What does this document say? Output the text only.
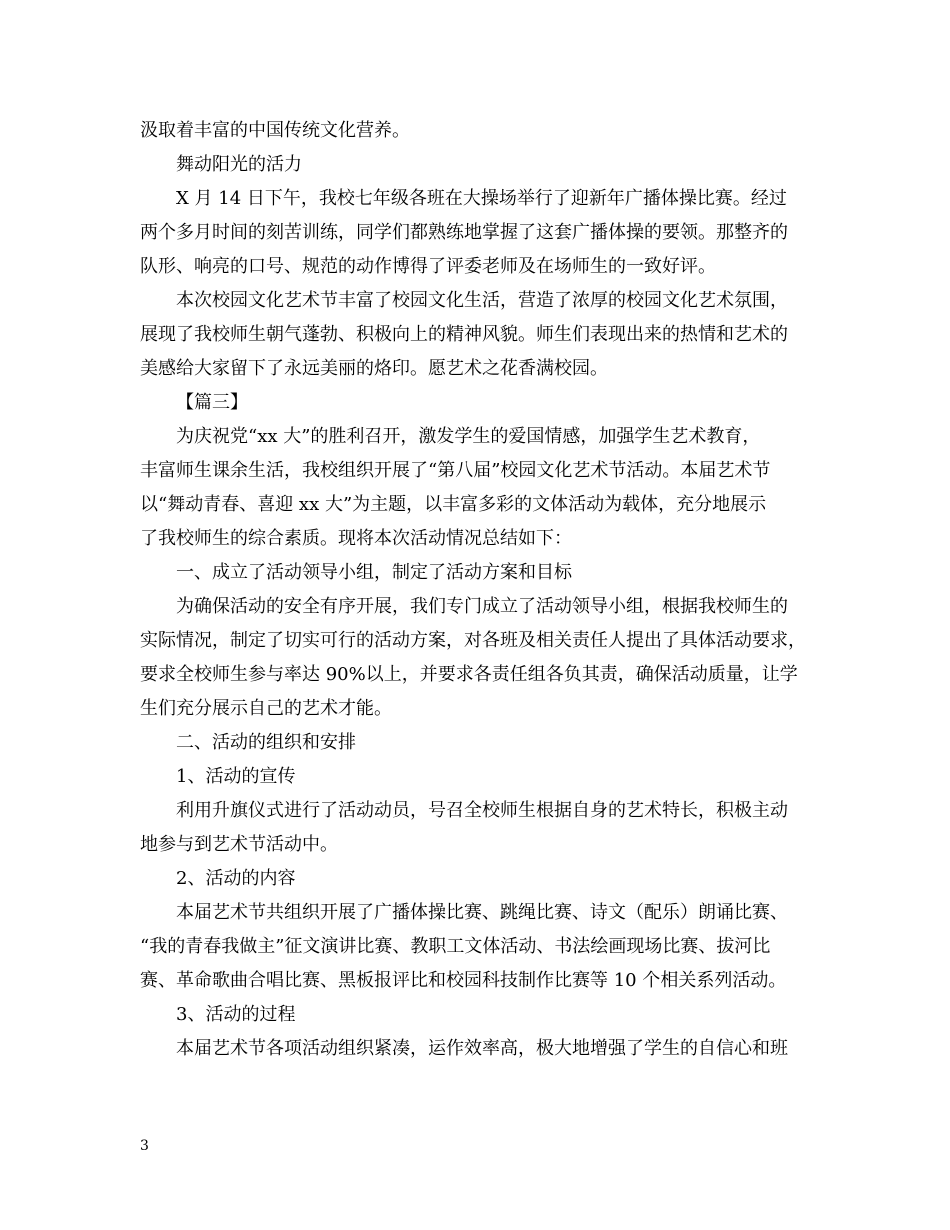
汲取着丰富的中国传统文化营养。
舞动阳光的活力
X 月 14 日下午，我校七年级各班在大操场举行了迎新年广播体操比赛。经过
两个多月时间的刻苦训练，同学们都熟练地掌握了这套广播体操的要领。那整齐的
队形、响亮的口号、规范的动作博得了评委老师及在场师生的一致好评。
本次校园文化艺术节丰富了校园文化生活，营造了浓厚的校园文化艺术氛围，
展现了我校师生朝气蓬勃、积极向上的精神风貌。师生们表现出来的热情和艺术的
美感给大家留下了永远美丽的烙印。愿艺术之花香满校园。
【篇三】
为庆祝党“xx 大”的胜利召开，激发学生的爱国情感，加强学生艺术教育，
丰富师生课余生活，我校组织开展了“第八届”校园文化艺术节活动。本届艺术节
以“舞动青春、喜迎 xx 大”为主题，以丰富多彩的文体活动为载体，充分地展示
了我校师生的综合素质。现将本次活动情况总结如下：
一、成立了活动领导小组，制定了活动方案和目标
为确保活动的安全有序开展，我们专门成立了活动领导小组，根据我校师生的
实际情况，制定了切实可行的活动方案，对各班及相关责任人提出了具体活动要求，
要求全校师生参与率达 90%以上，并要求各责任组各负其责，确保活动质量，让学
生们充分展示自己的艺术才能。
二、活动的组织和安排
1、活动的宣传
利用升旗仪式进行了活动动员，号召全校师生根据自身的艺术特长，积极主动
地参与到艺术节活动中。
2、活动的内容
本届艺术节共组织开展了广播体操比赛、跳绳比赛、诗文（配乐）朗诵比赛、
“我的青春我做主”征文演讲比赛、教职工文体活动、书法绘画现场比赛、拔河比
赛、革命歌曲合唱比赛、黑板报评比和校园科技制作比赛等 10 个相关系列活动。
3、活动的过程
本届艺术节各项活动组织紧凑，运作效率高，极大地增强了学生的自信心和班
3
